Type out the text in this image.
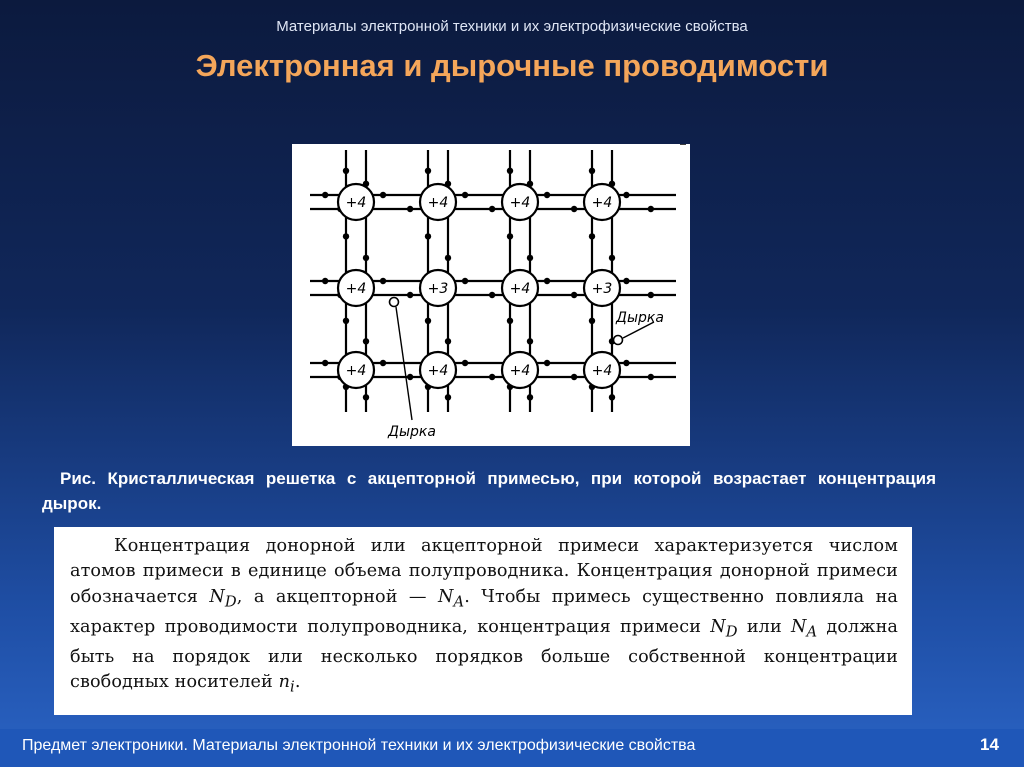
Материалы электронной техники и их электрофизические свойства
Электронная и дырочные проводимости
+4	+4	+4	+4
+4	+3	+4	+3
+4	+4	+4	+4
Дырка
Дырка
Рис. Кристаллическая решетка с акцепторной примесью, при которой возрастает концентрация дырок.

Концентрация донорной или акцепторной примеси характеризуется числом атомов примеси в единице объема полупроводника. Концентрация донорной примеси обозначается $N_D$, а акцепторной — $N_A$. Чтобы примесь существенно повлияла на характер проводимости полупроводника, концентрация примеси $N_D$ или $N_A$ должна быть на порядок или несколько порядков больше собственной концентрации свободных носителей $n_i$.

Предмет электроники. Материалы электронной техники и их электрофизические свойства	14
